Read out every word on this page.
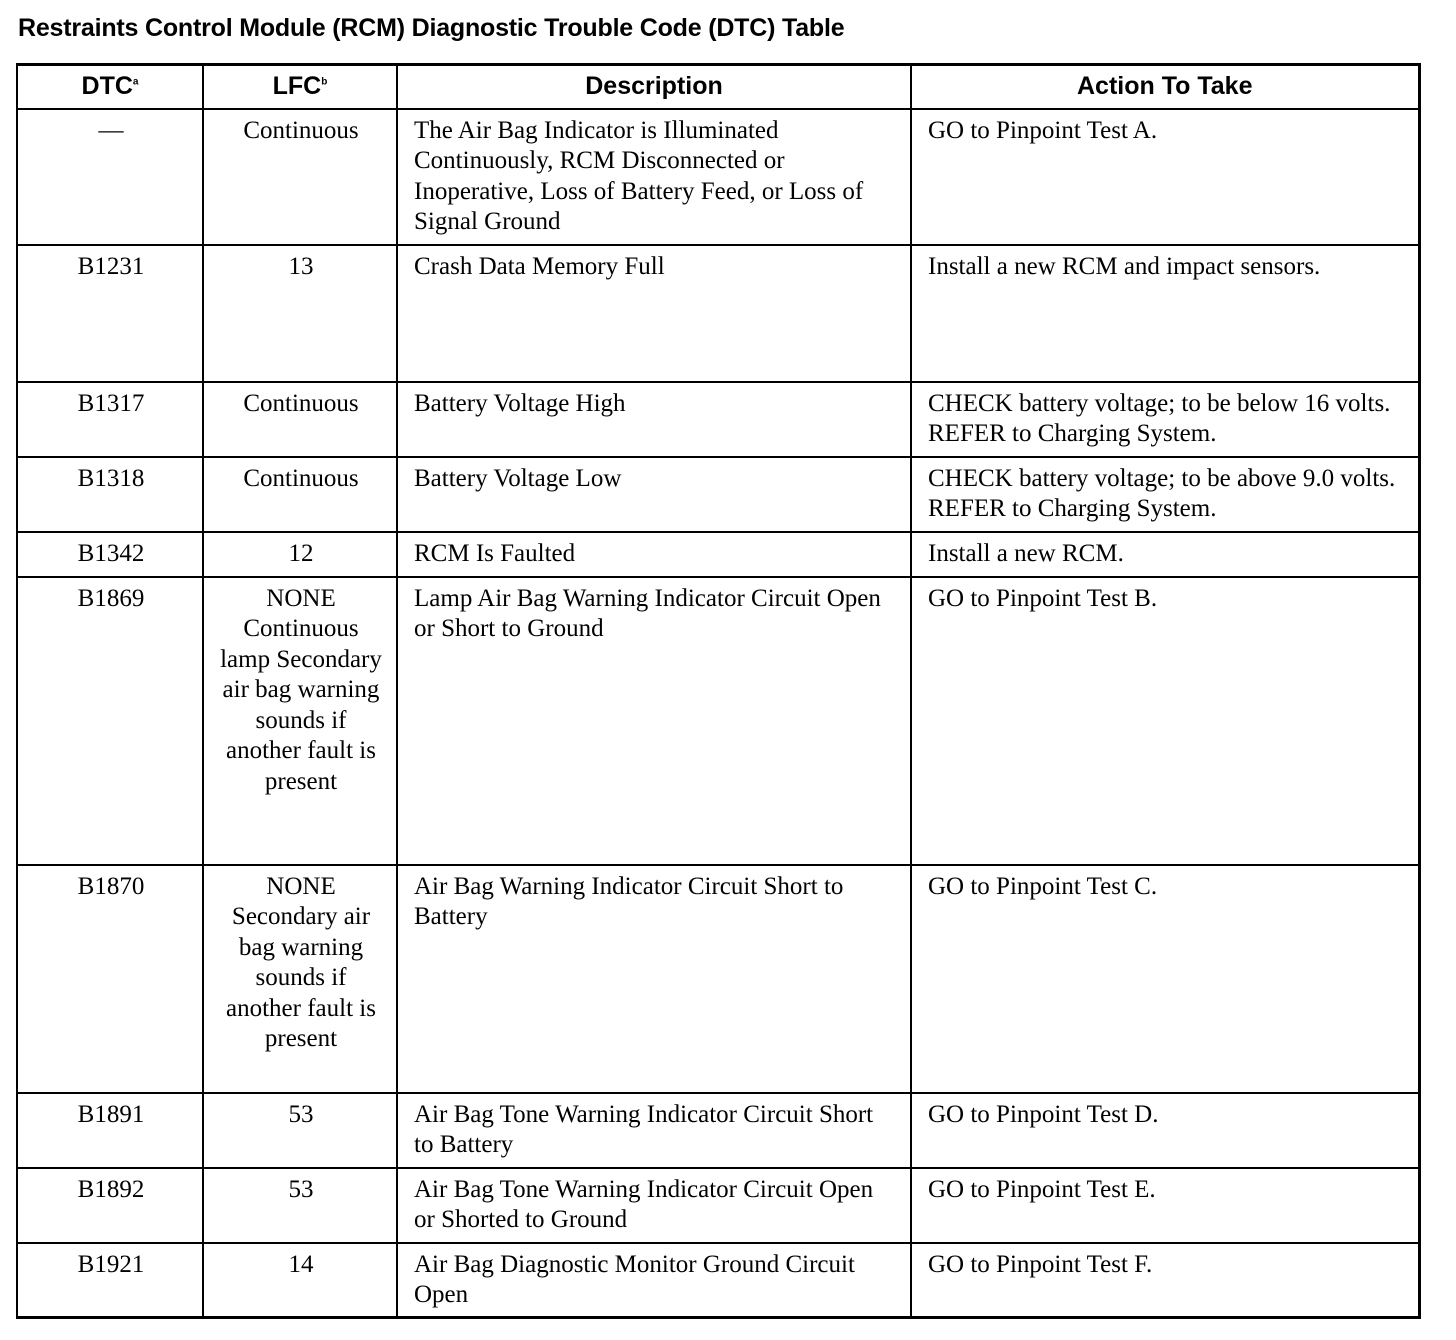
Restraints Control Module (RCM) Diagnostic Trouble Code (DTC) Table
DTC$^a$	LFC$^b$	Description	Action To Take
—	Continuous	The Air Bag Indicator is Illuminated Continuously, RCM Disconnected or Inoperative, Loss of Battery Feed, or Loss of Signal Ground	GO to Pinpoint Test A.
B1231	13	Crash Data Memory Full	Install a new RCM and impact sensors.
B1317	Continuous	Battery Voltage High	CHECK battery voltage; to be below 16 volts. REFER to Charging System.
B1318	Continuous	Battery Voltage Low	CHECK battery voltage; to be above 9.0 volts. REFER to Charging System.
B1342	12	RCM Is Faulted	Install a new RCM.
B1869	NONE Continuous lamp Secondary air bag warning sounds if another fault is present	Lamp Air Bag Warning Indicator Circuit Open or Short to Ground	GO to Pinpoint Test B.
B1870	NONE Secondary air bag warning sounds if another fault is present	Air Bag Warning Indicator Circuit Short to Battery	GO to Pinpoint Test C.
B1891	53	Air Bag Tone Warning Indicator Circuit Short to Battery	GO to Pinpoint Test D.
B1892	53	Air Bag Tone Warning Indicator Circuit Open or Shorted to Ground	GO to Pinpoint Test E.
B1921	14	Air Bag Diagnostic Monitor Ground Circuit Open	GO to Pinpoint Test F.
